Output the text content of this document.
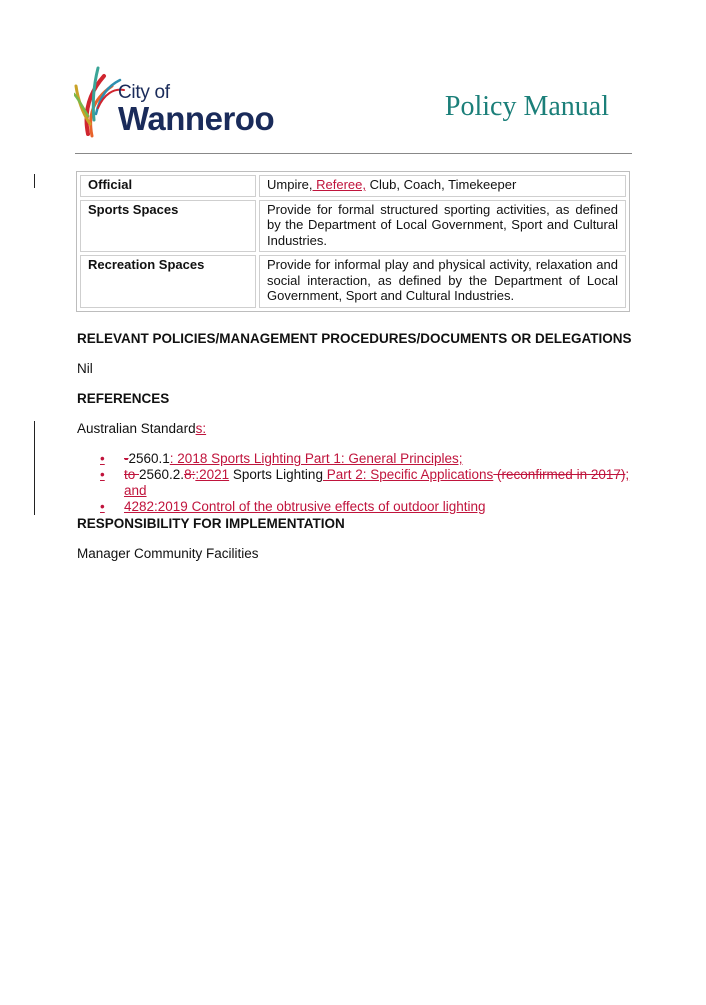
City of
Wanneroo	Policy Manual
Official	Umpire, Referee, Club, Coach, Timekeeper
Sports Spaces	Provide for formal structured sporting activities, as defined by the Department of Local Government, Sport and Cultural Industries.
Recreation Spaces	Provide for informal play and physical activity, relaxation and social interaction, as defined by the Department of Local Government, Sport and Cultural Industries.
RELEVANT POLICIES/MANAGEMENT PROCEDURES/DOCUMENTS OR DELEGATIONS
Nil
REFERENCES
Australian Standards:
• -2560.1: 2018 Sports Lighting Part 1: General Principles;
• to 2560.2.8::2021 Sports Lighting Part 2: Specific Applications (reconfirmed in 2017); and
• 4282:2019 Control of the obtrusive effects of outdoor lighting
RESPONSIBILITY FOR IMPLEMENTATION
Manager Community Facilities
